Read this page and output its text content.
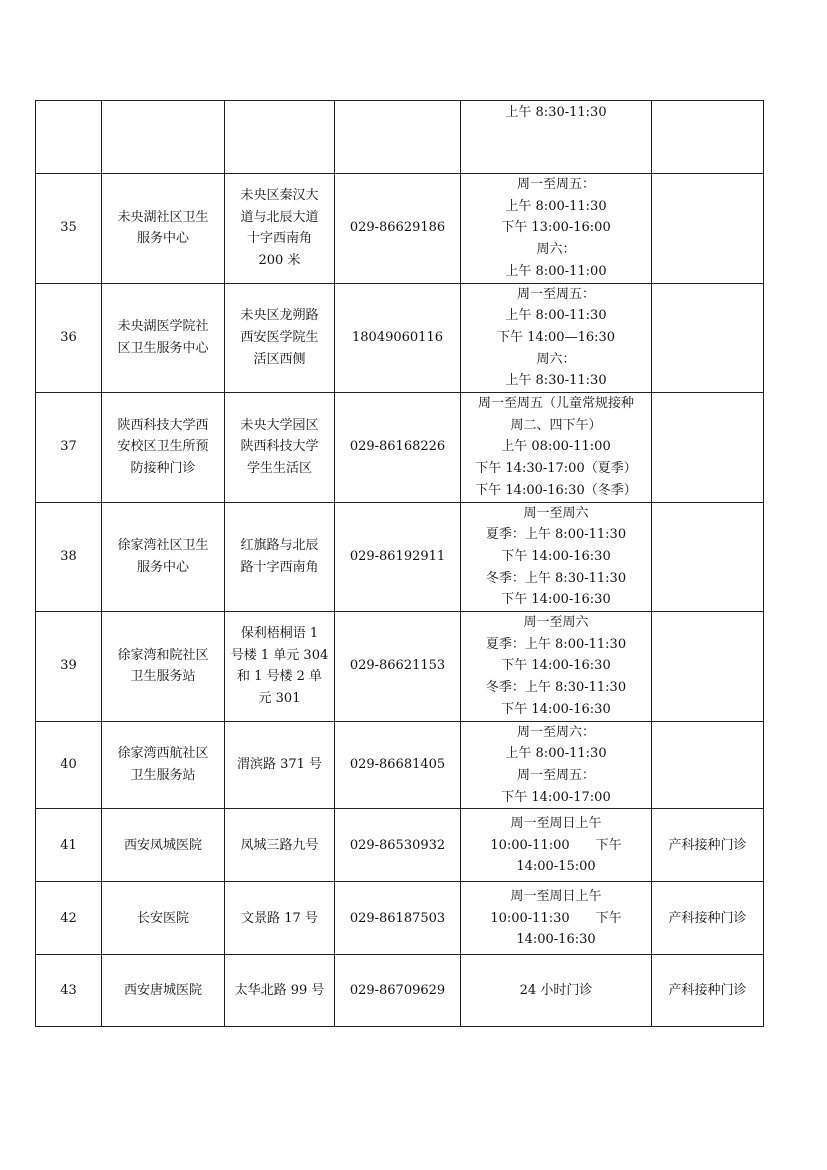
				上午 8:30-11:30	

35	未央湖社区卫生
服务中心	未央区秦汉大
道与北辰大道
十字西南角
200 米	029-86629186	周一至周五：
上午 8:00-11:30
下午 13:00-16:00
周六：
上午 8:00-11:00	

36	未央湖医学院社
区卫生服务中心	未央区龙朔路
西安医学院生
活区西侧	18049060116	周一至周五：
上午 8:00-11:30
下午 14:00—16:30
周六：
上午 8:30-11:30	

37	陕西科技大学西
安校区卫生所预
防接种门诊	未央大学园区
陕西科技大学
学生生活区	029-86168226	周一至周五（儿童常规接种
周二、四下午）
上午 08:00-11:00
下午 14:30-17:00（夏季）
下午 14:00-16:30（冬季）	

38	徐家湾社区卫生
服务中心	红旗路与北辰
路十字西南角	029-86192911	周一至周六
夏季：上午 8:00-11:30
下午 14:00-16:30
冬季：上午 8:30-11:30
下午 14:00-16:30	

39	徐家湾和院社区
卫生服务站	保利梧桐语 1
号楼 1 单元 304
和 1 号楼 2 单
元 301	029-86621153	周一至周六
夏季：上午 8:00-11:30
下午 14:00-16:30
冬季：上午 8:30-11:30
下午 14:00-16:30	

40	徐家湾西航社区
卫生服务站	渭滨路 371 号	029-86681405	周一至周六：
上午 8:00-11:30
周一至周五：
下午 14:00-17:00	

41	西安凤城医院	凤城三路九号	029-86530932	周一至周日上午
10:00-11:00　　下午
14:00-15:00	产科接种门诊
42	长安医院	文景路 17 号	029-86187503	周一至周日上午
10:00-11:30　　下午
14:00-16:30	产科接种门诊
43	西安唐城医院	太华北路 99 号	029-86709629	24 小时门诊	产科接种门诊
